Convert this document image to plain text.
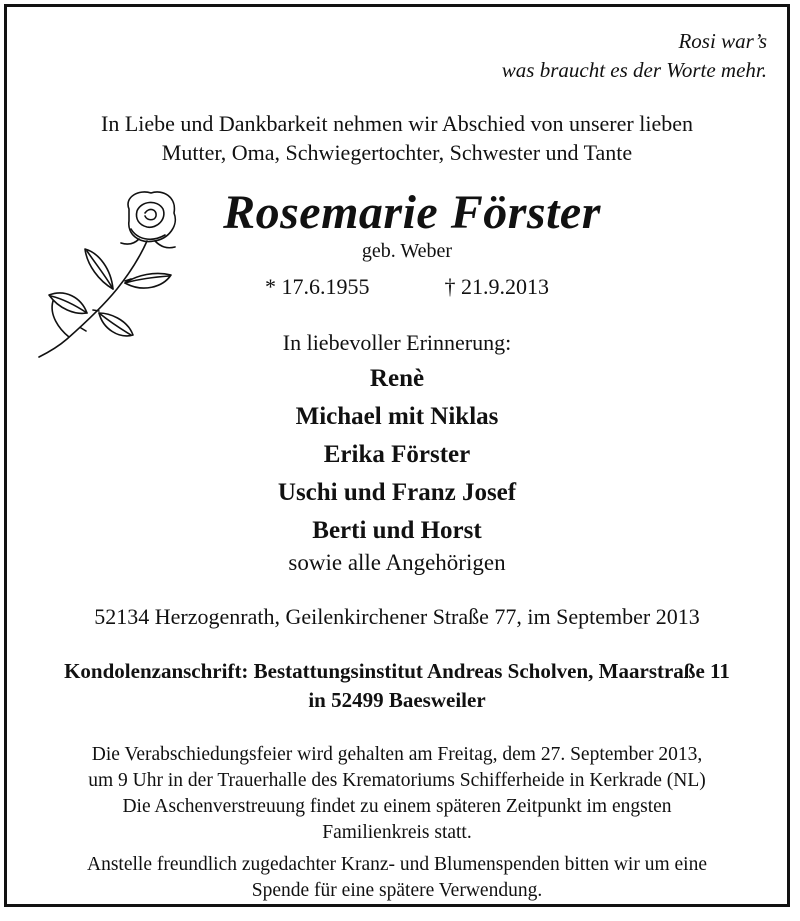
Rosi war’s
was braucht es der Worte mehr.
In Liebe und Dankbarkeit nehmen wir Abschied von unserer lieben
Mutter, Oma, Schwiegertochter, Schwester und Tante
Rosemarie Förster
geb. Weber
* 17.6.1955	† 21.9.2013
In liebevoller Erinnerung:
Renè
Michael mit Niklas
Erika Förster
Uschi und Franz Josef
Berti und Horst
sowie alle Angehörigen
52134 Herzogenrath, Geilenkirchener Straße 77, im September 2013
Kondolenzanschrift: Bestattungsinstitut Andreas Scholven, Maarstraße 11
in 52499 Baesweiler
Die Verabschiedungsfeier wird gehalten am Freitag, dem 27. September 2013,
um 9 Uhr in der Trauerhalle des Krematoriums Schifferheide in Kerkrade (NL)
Die Aschenverstreuung findet zu einem späteren Zeitpunkt im engsten
Familienkreis statt.
Anstelle freundlich zugedachter Kranz- und Blumenspenden bitten wir um eine
Spende für eine spätere Verwendung.
